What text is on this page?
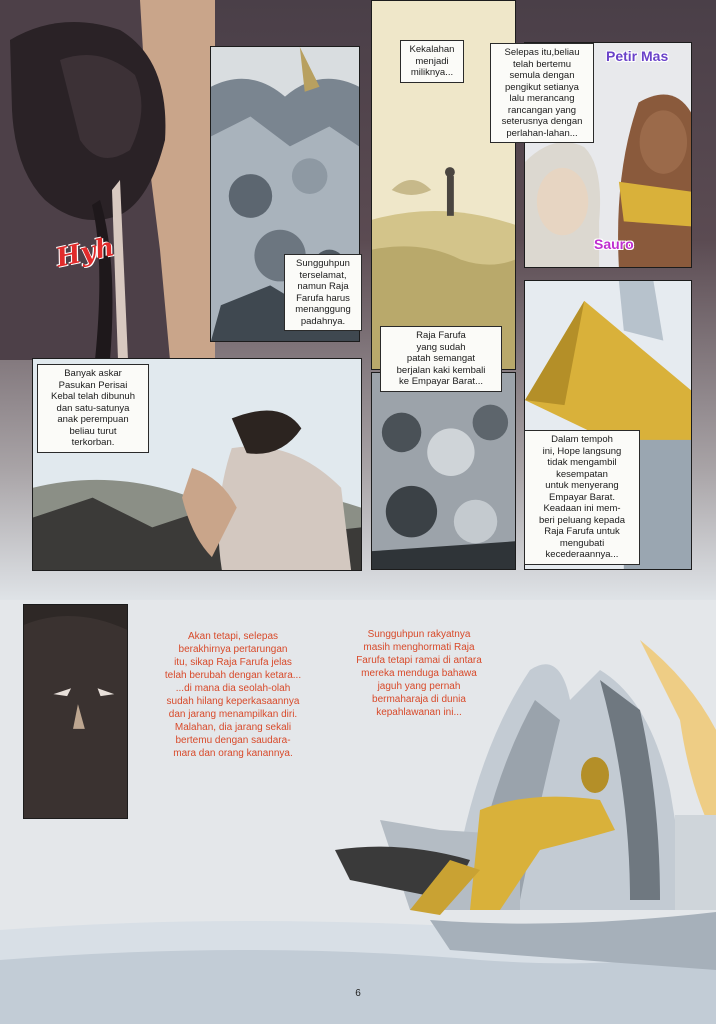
Hyh
Petir Mas
Sauro
Kekalahan
menjadi
miliknya...
Selepas itu,beliau
telah bertemu
semula dengan
pengikut setianya
lalu merancang
rancangan yang
seterusnya dengan
perlahan-lahan...
Sungguhpun
terselamat,
namun Raja
Farufa harus
menanggung
padahnya.
Raja Farufa
yang sudah
patah semangat
berjalan kaki kembali
ke Empayar Barat...
Banyak askar
Pasukan Perisai
Kebal telah dibunuh
dan satu-satunya
anak perempuan
beliau turut
terkorban.	Dalam tempoh
ini, Hope langsung
tidak mengambil
kesempatan
untuk menyerang
Empayar Barat.
Keadaan ini mem-
beri peluang kepada
Raja Farufa untuk
mengubati
kecederaannya...
Akan tetapi, selepas
berakhirnya pertarungan
itu, sikap Raja Farufa jelas
telah berubah dengan ketara...
...di mana dia seolah-olah
sudah hilang keperkasaannya
dan jarang menampilkan diri.
Malahan, dia jarang sekali
bertemu dengan saudara-
mara dan orang kanannya.
Sungguhpun rakyatnya
masih menghormati Raja
Farufa tetapi ramai di antara
mereka menduga bahawa
jaguh yang pernah
bermaharaja di dunia
kepahlawanan ini...
6
